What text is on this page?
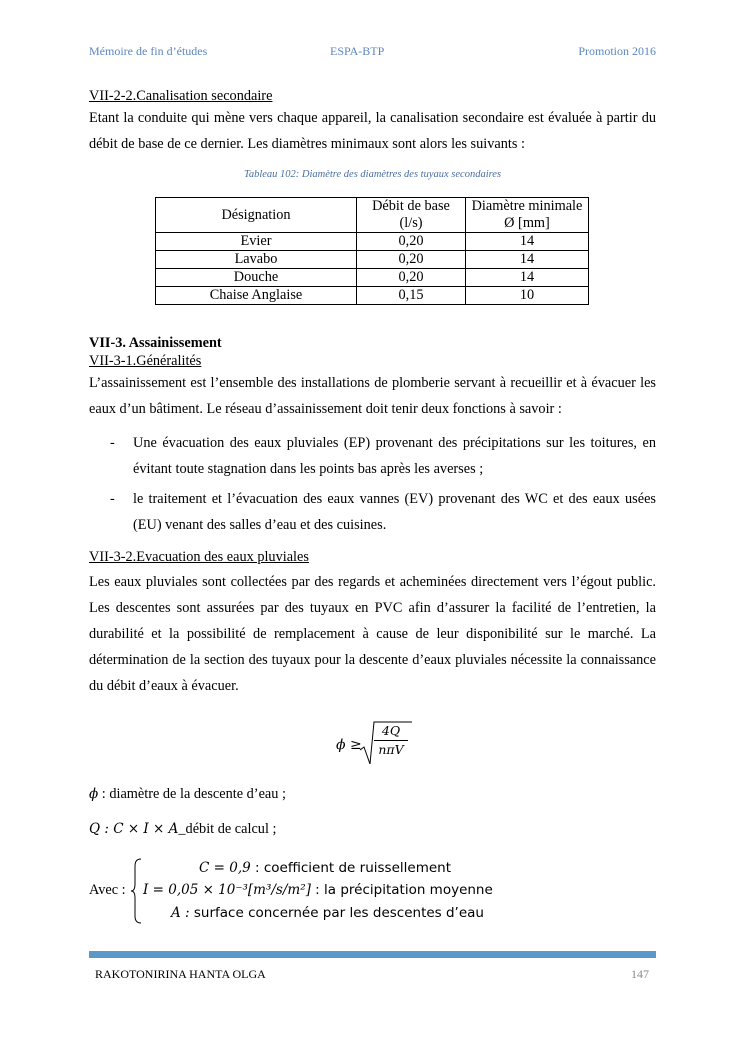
Mémoire de fin d’études	ESPA-BTP	Promotion 2016

VII-2-2.Canalisation secondaire

Etant la conduite qui mène vers chaque appareil, la canalisation secondaire est évaluée à partir du débit de base de ce dernier. Les diamètres minimaux sont alors les suivants :

Tableau 102: Diamètre des diamètres des tuyaux secondaires
Désignation	Débit de base (l/s)	Diamètre minimale Ø [mm]
Evier	0,20	14
Lavabo	0,20	14
Douche	0,20	14
Chaise Anglaise	0,15	10

VII-3. Assainissement

VII-3-1.Généralités

L’assainissement est l’ensemble des installations de plomberie servant à recueillir et à évacuer les eaux d’un bâtiment. Le réseau d’assainissement doit tenir deux fonctions à savoir :

- Une évacuation des eaux pluviales (EP) provenant des précipitations sur les toitures, en évitant toute stagnation dans les points bas après les averses ;
- le traitement et l’évacuation des eaux vannes (EV) provenant des WC et des eaux usées (EU) venant des salles d’eau et des cuisines.

VII-3-2.Evacuation des eaux pluviales

Les eaux pluviales sont collectées par des regards et acheminées directement vers l’égout public. Les descentes sont assurées par des tuyaux en PVC afin d’assurer la facilité de l’entretien, la durabilité et la possibilité de remplacement à cause de leur disponibilité sur le marché. La détermination de la section des tuyaux pour la descente d’eaux pluviales nécessite la connaissance du débit d’eaux à évacuer.

ϕ ≥
4Q
nπV
ϕ : diamètre de la descente d’eau ;
Q : C × I × A_débit de calcul ;
Avec :
C = 0,9 : coefficient de ruissellement
I = 0,05 × 10⁻³[m³/s/m²] : la précipitation moyenne
A : surface concernée par les descentes d’eau
RAKOTONIRINA HANTA OLGA	147
